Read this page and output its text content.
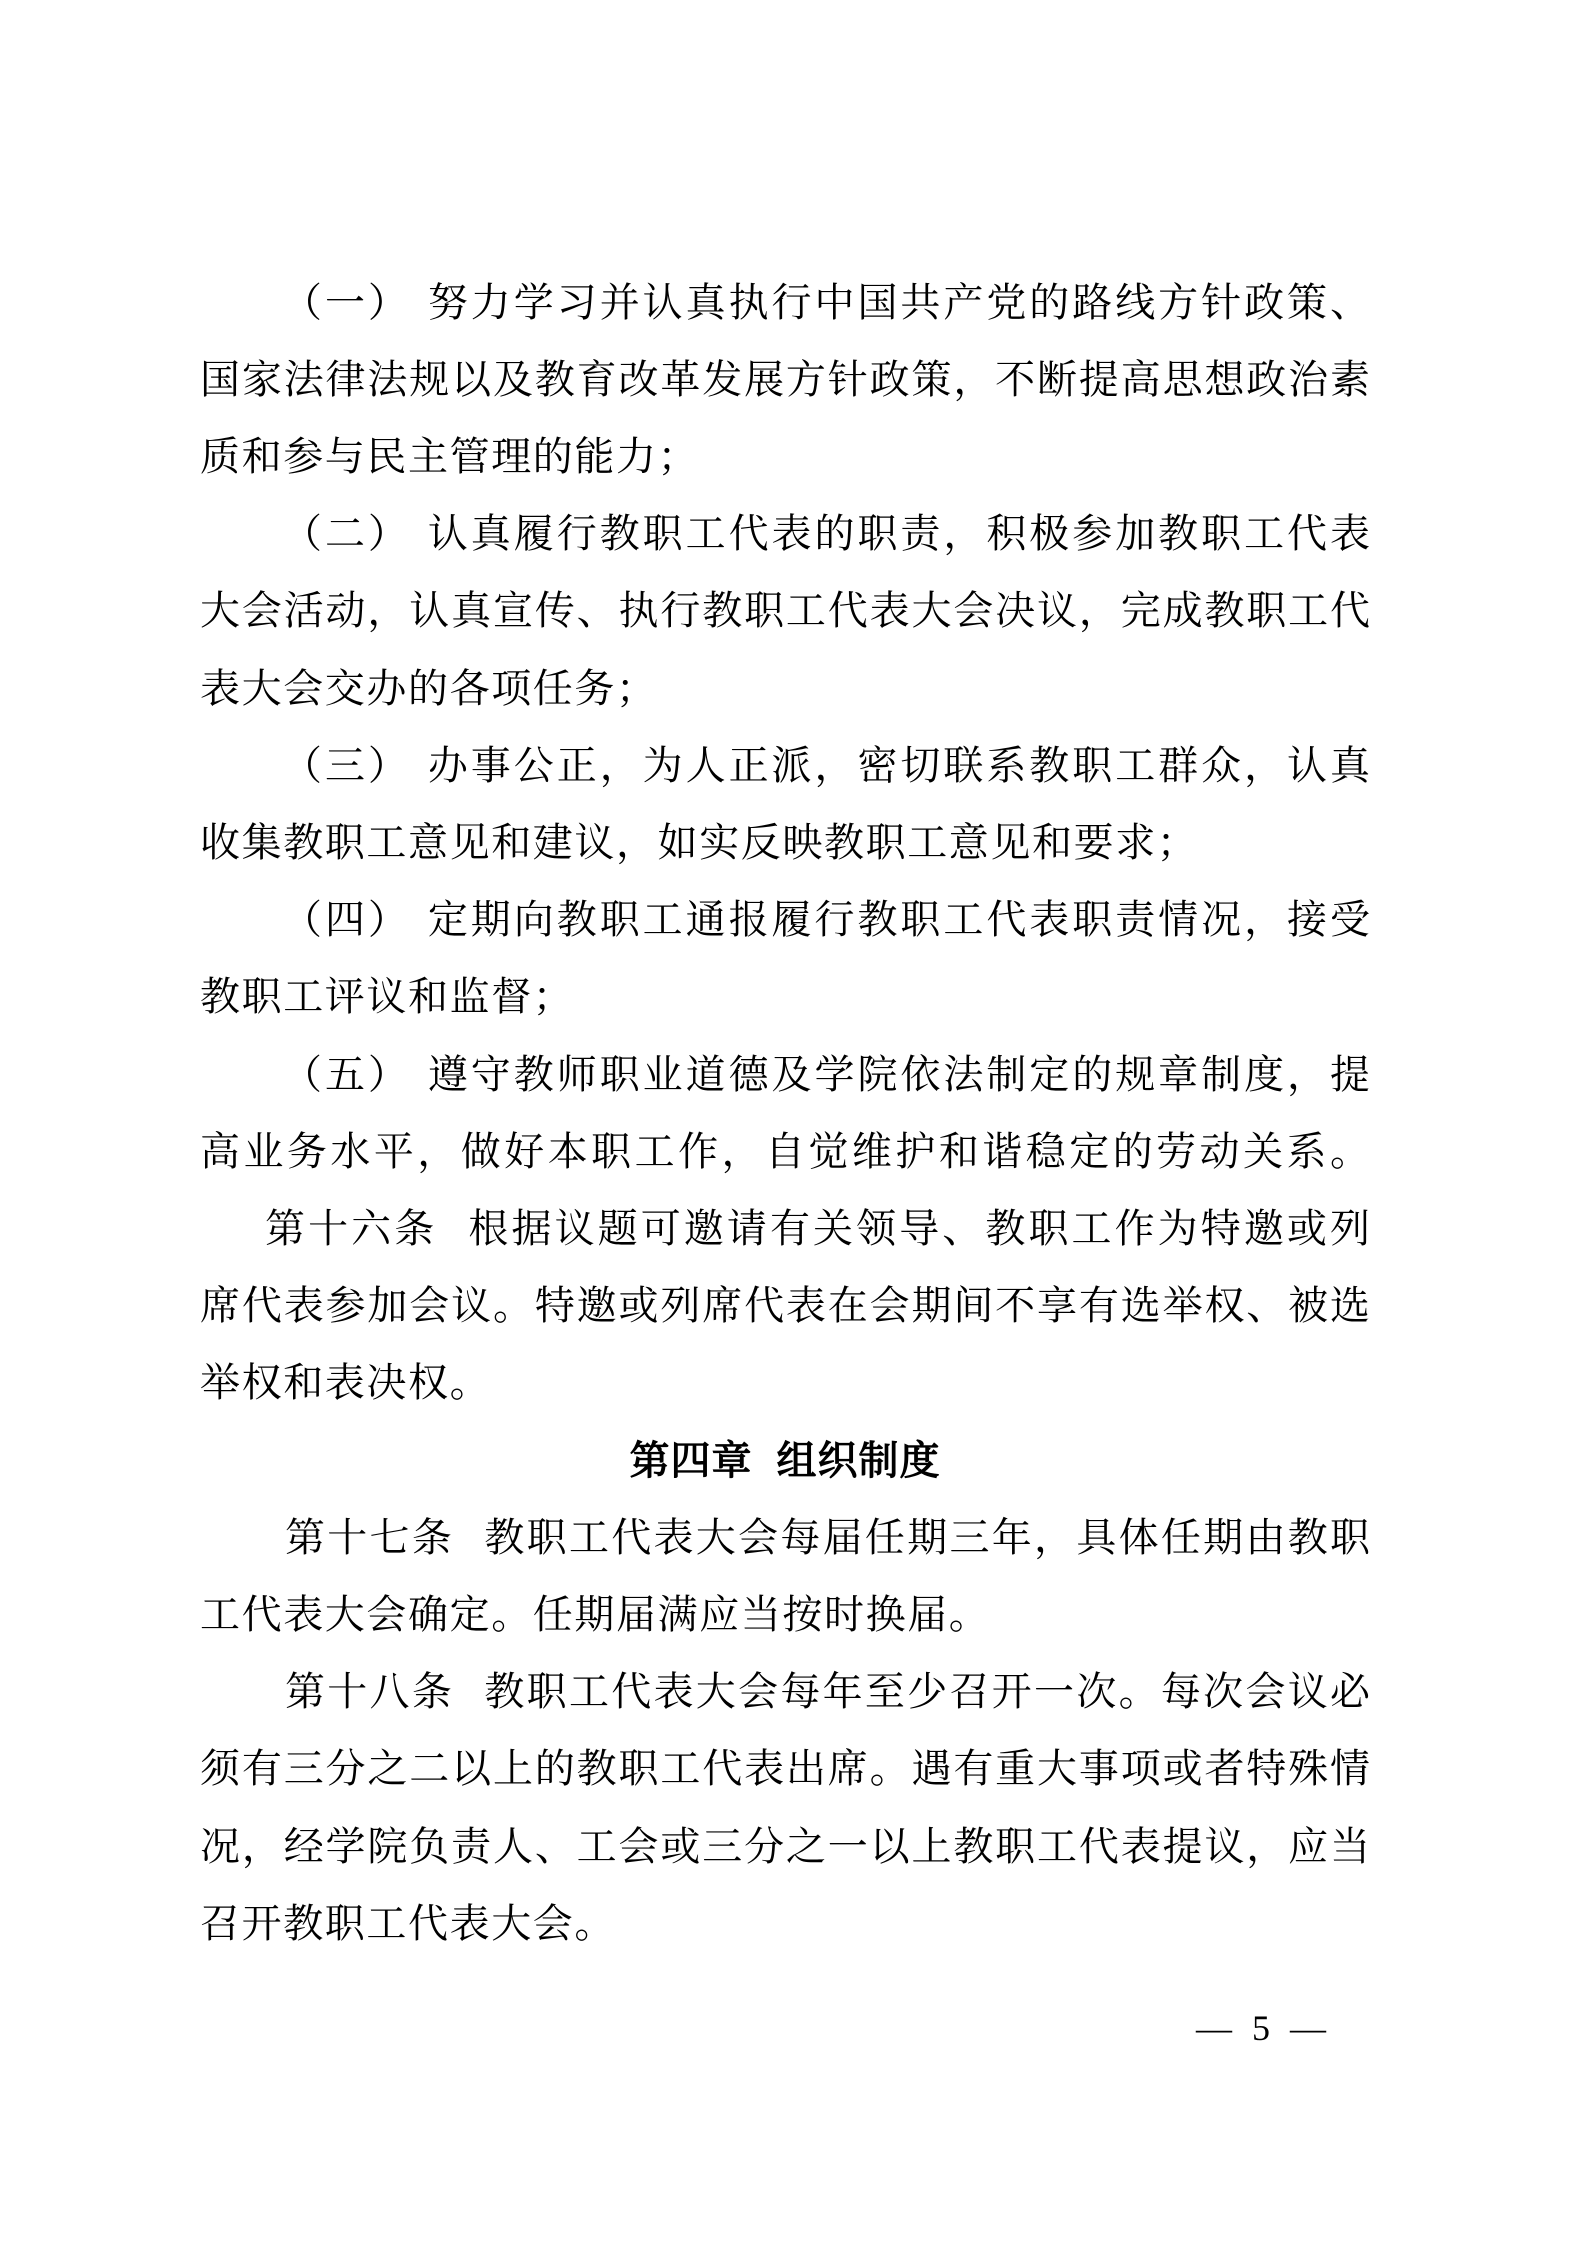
（一） 努力学习并认真执行中国共产党的路线方针政策、
国家法律法规以及教育改革发展方针政策，不断提高思想政治素
质和参与民主管理的能力；
（二） 认真履行教职工代表的职责，积极参加教职工代表
大会活动，认真宣传、执行教职工代表大会决议，完成教职工代
表大会交办的各项任务；
（三） 办事公正，为人正派，密切联系教职工群众，认真
收集教职工意见和建议，如实反映教职工意见和要求；
（四） 定期向教职工通报履行教职工代表职责情况，接受
教职工评议和监督；
（五） 遵守教师职业道德及学院依法制定的规章制度，提
高业务水平，做好本职工作，自觉维护和谐稳定的劳动关系。
第十六条 根据议题可邀请有关领导、教职工作为特邀或列
席代表参加会议。特邀或列席代表在会期间不享有选举权、被选
举权和表决权。
第四章 组织制度
第十七条 教职工代表大会每届任期三年，具体任期由教职
工代表大会确定。任期届满应当按时换届。
第十八条 教职工代表大会每年至少召开一次。每次会议必
须有三分之二以上的教职工代表出席。遇有重大事项或者特殊情
况，经学院负责人、工会或三分之一以上教职工代表提议，应当
召开教职工代表大会。
— 5 —
